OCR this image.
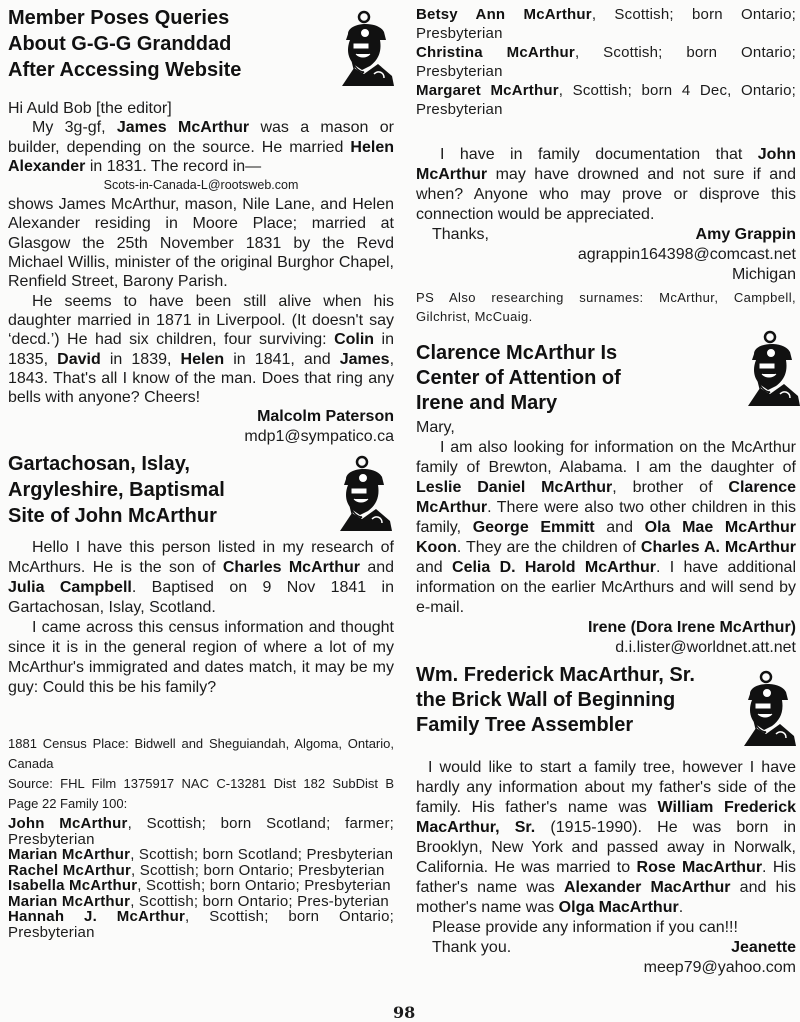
Member Poses Queries
About G-G-G Granddad
After Accessing Website

Hi Auld Bob [the editor]

My 3g-gf, James McArthur was a mason or builder, depending on the source. He married Helen Alexander in 1831. The record in—

Scots-in-Canada-L@rootsweb.com

shows James McArthur, mason, Nile Lane, and Helen Alexander residing in Moore Place; married at Glasgow the 25th November 1831 by the Revd Michael Willis, minister of the original Burghor Chapel, Renfield Street, Barony Parish.

He seems to have been still alive when his daughter married in 1871 in Liverpool. (It doesn't say ‘decd.’) He had six children, four surviving: Colin in 1835, David in 1839, Helen in 1841, and James, 1843. That's all I know of the man. Does that ring any bells with anyone? Cheers!

Malcolm Paterson

mdp1@sympatico.ca

Gartachosan, Islay,
Argyleshire, Baptismal
Site of John McArthur

Hello I have this person listed in my research of McArthurs. He is the son of Charles McArthur and Julia Campbell. Baptised on 9 Nov 1841 in Gartachosan, Islay, Scotland.

I came across this census information and thought since it is in the general region of where a lot of my McArthur's immigrated and dates match, it may be my guy: Could this be his family?

1881 Census Place: Bidwell and Sheguiandah, Algoma, Ontario, Canada

Source: FHL Film 1375917 NAC C-13281 Dist 182 SubDist B Page 22 Family 100:

John McArthur, Scottish; born Scotland; farmer; Presbyterian

Marian McArthur, Scottish; born Scotland; Presbyterian

Rachel McArthur, Scottish; born Ontario; Presbyterian

Isabella McArthur, Scottish; born Ontario; Presbyterian

Marian McArthur, Scottish; born Ontario; Pres-byterian

Hannah J. McArthur, Scottish; born Ontario; Presbyterian

Betsy Ann McArthur, Scottish; born Ontario; Presbyterian

Christina McArthur, Scottish; born Ontario; Presbyterian

Margaret McArthur, Scottish; born 4 Dec, Ontario; Presbyterian

I have in family documentation that John McArthur may have drowned and not sure if and when? Anyone who may prove or disprove this connection would be appreciated.

Thanks,	Amy Grappin

agrappin164398@comcast.net

Michigan

PS Also researching surnames: McArthur, Campbell, Gilchrist, McCuaig.

Clarence McArthur Is
Center of Attention of
Irene and Mary

Mary,

I am also looking for information on the McArthur family of Brewton, Alabama. I am the daughter of Leslie Daniel McArthur, brother of Clarence McArthur. There were also two other children in this family, George Emmitt and Ola Mae McArthur Koon. They are the children of Charles A. McArthur and Celia D. Harold McArthur. I have additional information on the earlier McArthurs and will send by e-mail.

Irene (Dora Irene McArthur)

d.i.lister@worldnet.att.net

Wm. Frederick MacArthur, Sr.
the Brick Wall of Beginning
Family Tree Assembler

I would like to start a family tree, however I have hardly any information about my father's side of the family. His father's name was William Frederick MacArthur, Sr. (1915-1990). He was born in Brooklyn, New York and passed away in Norwalk, California. He was married to Rose MacArthur. His father's name was Alexander MacArthur and his mother's name was Olga MacArthur.

Please provide any information if you can!!!

Thank you.	Jeanette

meep79@yahoo.com

98
